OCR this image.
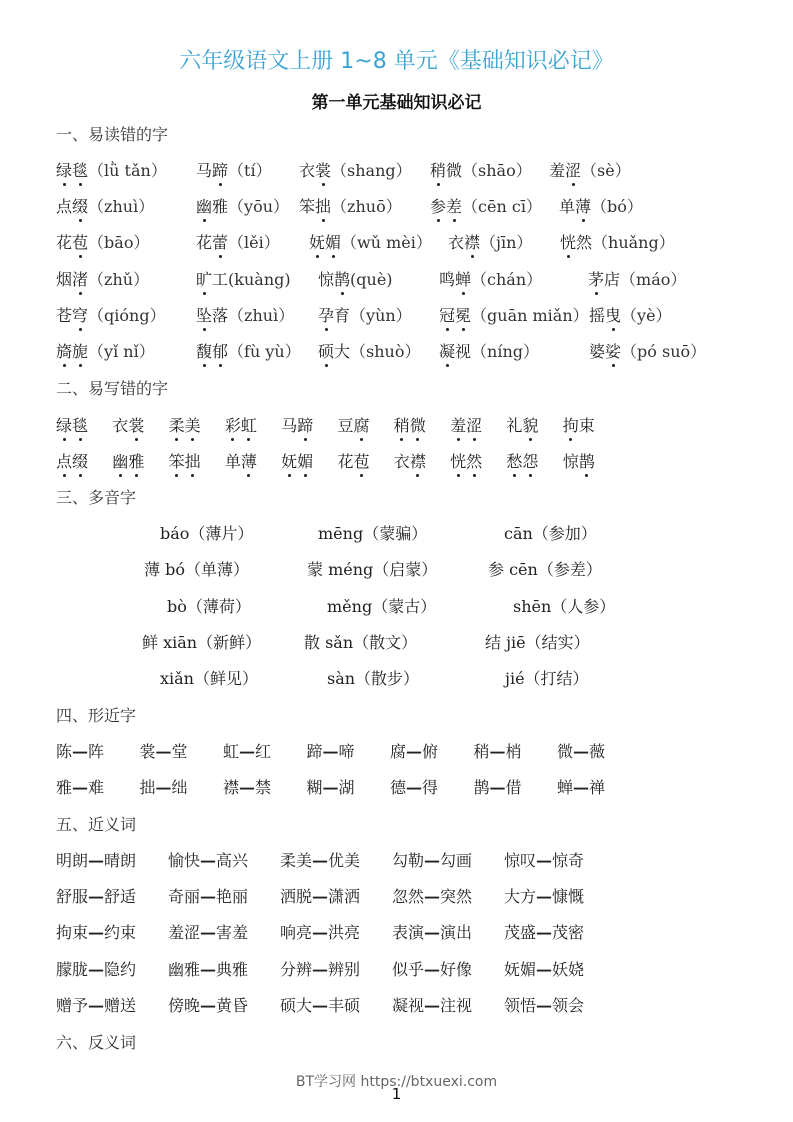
六年级语文上册 1~8 单元《基础知识必记》
第一单元基础知识必记
一、易读错的字
绿毯（lǜ tǎn） 马蹄（tí） 衣裳（shang） 稍微（shāo） 羞涩（sè）
点缀（zhuì）	幽雅（yōu） 笨拙（zhuō） 参差（cēn cī） 单薄（bó）
花苞（bāo）	花蕾（lěi） 妩媚（wǔ mèi） 衣襟（jīn） 恍然（huǎng）
烟渚（zhǔ）	旷工(kuàng) 惊鹊(què)	鸣蝉（chán）	茅店（máo）
苍穹（qióng） 坠落（zhuì） 孕育（yùn） 冠冕（guān miǎn） 摇曳（yè）
旖旎（yǐ nǐ）	馥郁（fù yù） 硕大（shuò） 凝视（níng）	婆娑（pó suō）
二、易写错的字
绿毯 衣裳 柔美 彩虹 马蹄 豆腐 稍微 羞涩 礼貌 拘束
点缀 幽雅 笨拙 单薄 妩媚 花苞 衣襟 恍然 愁怨 惊鹊
三、多音字
báo（薄片）	mēng（蒙骗）	cān（参加）
薄 bó（单薄）	蒙 méng（启蒙）	参 cēn（参差）
bò（薄荷）	měng（蒙古）	shēn（人参）
鲜 xiān（新鲜）	散 sǎn（散文）	结 jiē（结实）
xiǎn（鲜见）	sàn（散步）	jié（打结）
四、形近字
陈—阵 裳—堂 虹—红 蹄—啼 腐—俯 稍—梢 微—薇
雅—难 拙—绌 襟—禁 糊—湖 德—得 鹊—借 蝉—禅
五、近义词
明朗—晴朗 愉快—高兴 柔美—优美 勾勒—勾画 惊叹—惊奇
舒服—舒适 奇丽—艳丽 洒脱—潇洒 忽然—突然 大方—慷慨
拘束—约束 羞涩—害羞 响亮—洪亮 表演—演出 茂盛—茂密
朦胧—隐约 幽雅—典雅 分辨—辨别 似乎—好像 妩媚—妖娆
赠予—赠送 傍晚—黄昏 硕大—丰硕 凝视—注视 领悟—领会
六、反义词
BT学习网 https://btxuexi.com
1
